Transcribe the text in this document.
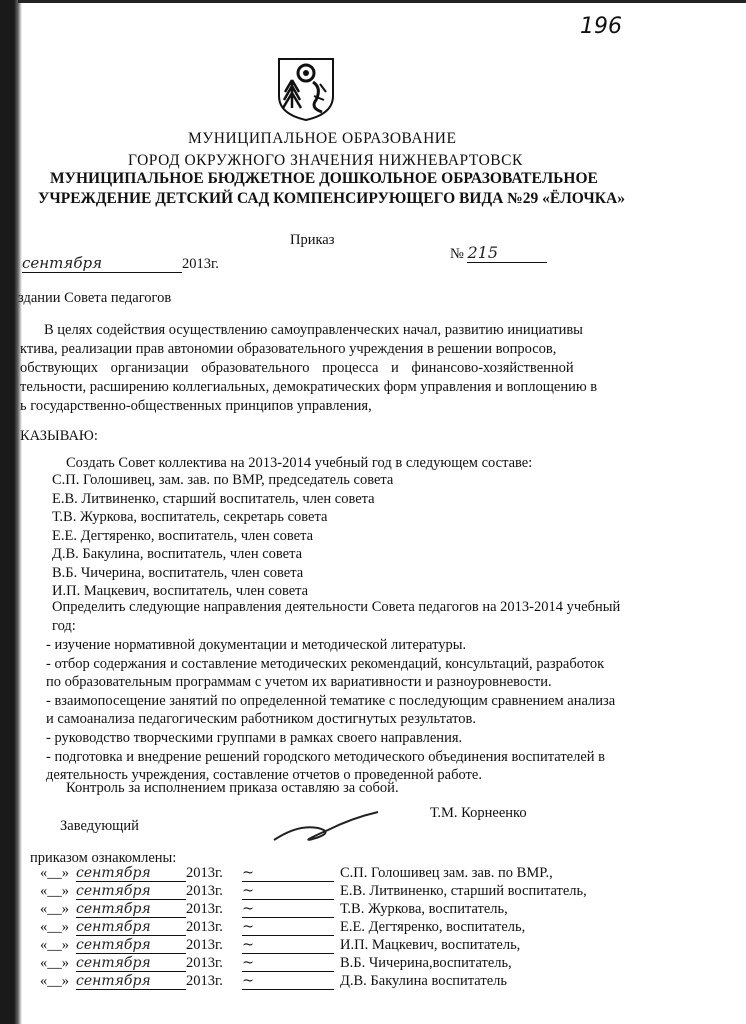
196
МУНИЦИПАЛЬНОЕ ОБРАЗОВАНИЕ
ГОРОД ОКРУЖНОГО ЗНАЧЕНИЯ НИЖНЕВАРТОВСК
МУНИЦИПАЛЬНОЕ БЮДЖЕТНОЕ ДОШКОЛЬНОЕ ОБРАЗОВАТЕЛЬНОЕ
УЧРЕЖДЕНИЕ ДЕТСКИЙ САД КОМПЕНСИРУЮЩЕГО ВИДА №29 «ЁЛОЧКА»
Приказ
сентября	2013г.
№ 215
здании Совета педагогов
В целях содействия осуществлению самоуправленческих начал, развитию инициативы
ктива, реализации прав автономии образовательного учреждения в решении вопросов,
обствующих организации образовательного процесса и финансово-хозяйственной
тельности, расширению коллегиальных, демократических форм управления и воплощению в
ь государственно-общественных принципов управления,
КАЗЫВАЮ:
Создать Совет коллектива на 2013-2014 учебный год в следующем составе:
С.П. Голошивец, зам. зав. по ВМР, председатель совета
Е.В. Литвиненко, старший воспитатель, член совета
Т.В. Журкова, воспитатель, секретарь совета
Е.Е. Дегтяренко, воспитатель, член совета
Д.В. Бакулина, воспитатель, член совета
В.Б. Чичерина, воспитатель, член совета
И.П. Мацкевич, воспитатель, член совета
Определить следующие направления деятельности Совета педагогов на 2013-2014 учебный
год:
- изучение нормативной документации и методической литературы.
- отбор содержания и составление методических рекомендаций, консультаций, разработок
по образовательным программам с учетом их вариативности и разноуровневости.
- взаимопосещение занятий по определенной тематике с последующим сравнением анализа
и самоанализа педагогическим работником достигнутых результатов.
- руководство творческими группами в рамках своего направления.
- подготовка и внедрение решений городского методического объединения воспитателей в
деятельность учреждения, составление отчетов о проведенной работе.
Контроль за исполнением приказа оставляю за собой.
Заведующий
Т.М. Корнеенко
приказом ознакомлены:
«__» сентября	2013г.	~	С.П. Голошивец зам. зав. по ВМР.,
«__» сентября	2013г.	~	Е.В. Литвиненко, старший воспитатель,
«__» сентября	2013г.	~	Т.В. Журкова, воспитатель,
«__» сентября	2013г.	~	Е.Е. Дегтяренко, воспитатель,
«__» сентября	2013г.	~	И.П. Мацкевич, воспитатель,
«__» сентября	2013г.	~	В.Б. Чичерина,воспитатель,
«__» сентября	2013г.	~	Д.В. Бакулина воспитатель
